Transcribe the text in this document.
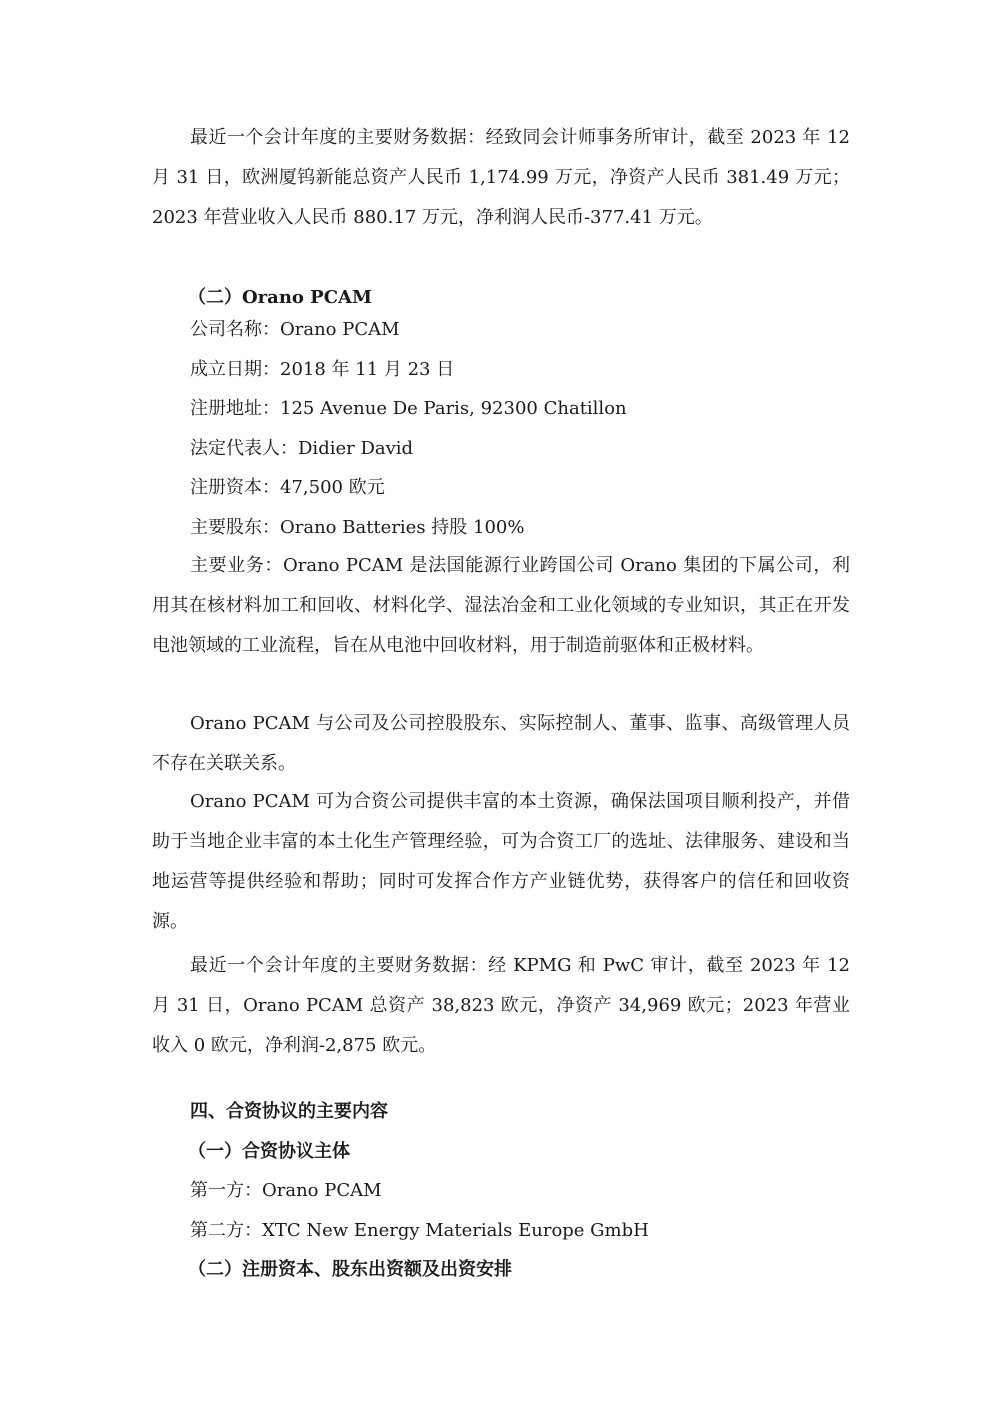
最近一个会计年度的主要财务数据：经致同会计师事务所审计，截至 2023 年 12 月 31 日，欧洲厦钨新能总资产人民币 1,174.99 万元，净资产人民币 381.49 万元；2023 年营业收入人民币 880.17 万元，净利润人民币-377.41 万元。

（二）Orano PCAM

公司名称：Orano PCAM

成立日期：2018 年 11 月 23 日

注册地址：125 Avenue De Paris, 92300 Chatillon

法定代表人：Didier David

注册资本：47,500 欧元

主要股东：Orano Batteries 持股 100%

主要业务：Orano PCAM 是法国能源行业跨国公司 Orano 集团的下属公司，利用其在核材料加工和回收、材料化学、湿法冶金和工业化领域的专业知识，其正在开发电池领域的工业流程，旨在从电池中回收材料，用于制造前驱体和正极材料。

Orano PCAM 与公司及公司控股股东、实际控制人、董事、监事、高级管理人员不存在关联关系。

Orano PCAM 可为合资公司提供丰富的本土资源，确保法国项目顺利投产，并借助于当地企业丰富的本土化生产管理经验，可为合资工厂的选址、法律服务、建设和当地运营等提供经验和帮助；同时可发挥合作方产业链优势，获得客户的信任和回收资源。

最近一个会计年度的主要财务数据：经 KPMG 和 PwC 审计，截至 2023 年 12 月 31 日，Orano PCAM 总资产 38,823 欧元，净资产 34,969 欧元；2023 年营业收入 0 欧元，净利润-2,875 欧元。

四、合资协议的主要内容

（一）合资协议主体

第一方：Orano PCAM

第二方：XTC New Energy Materials Europe GmbH

（二）注册资本、股东出资额及出资安排
